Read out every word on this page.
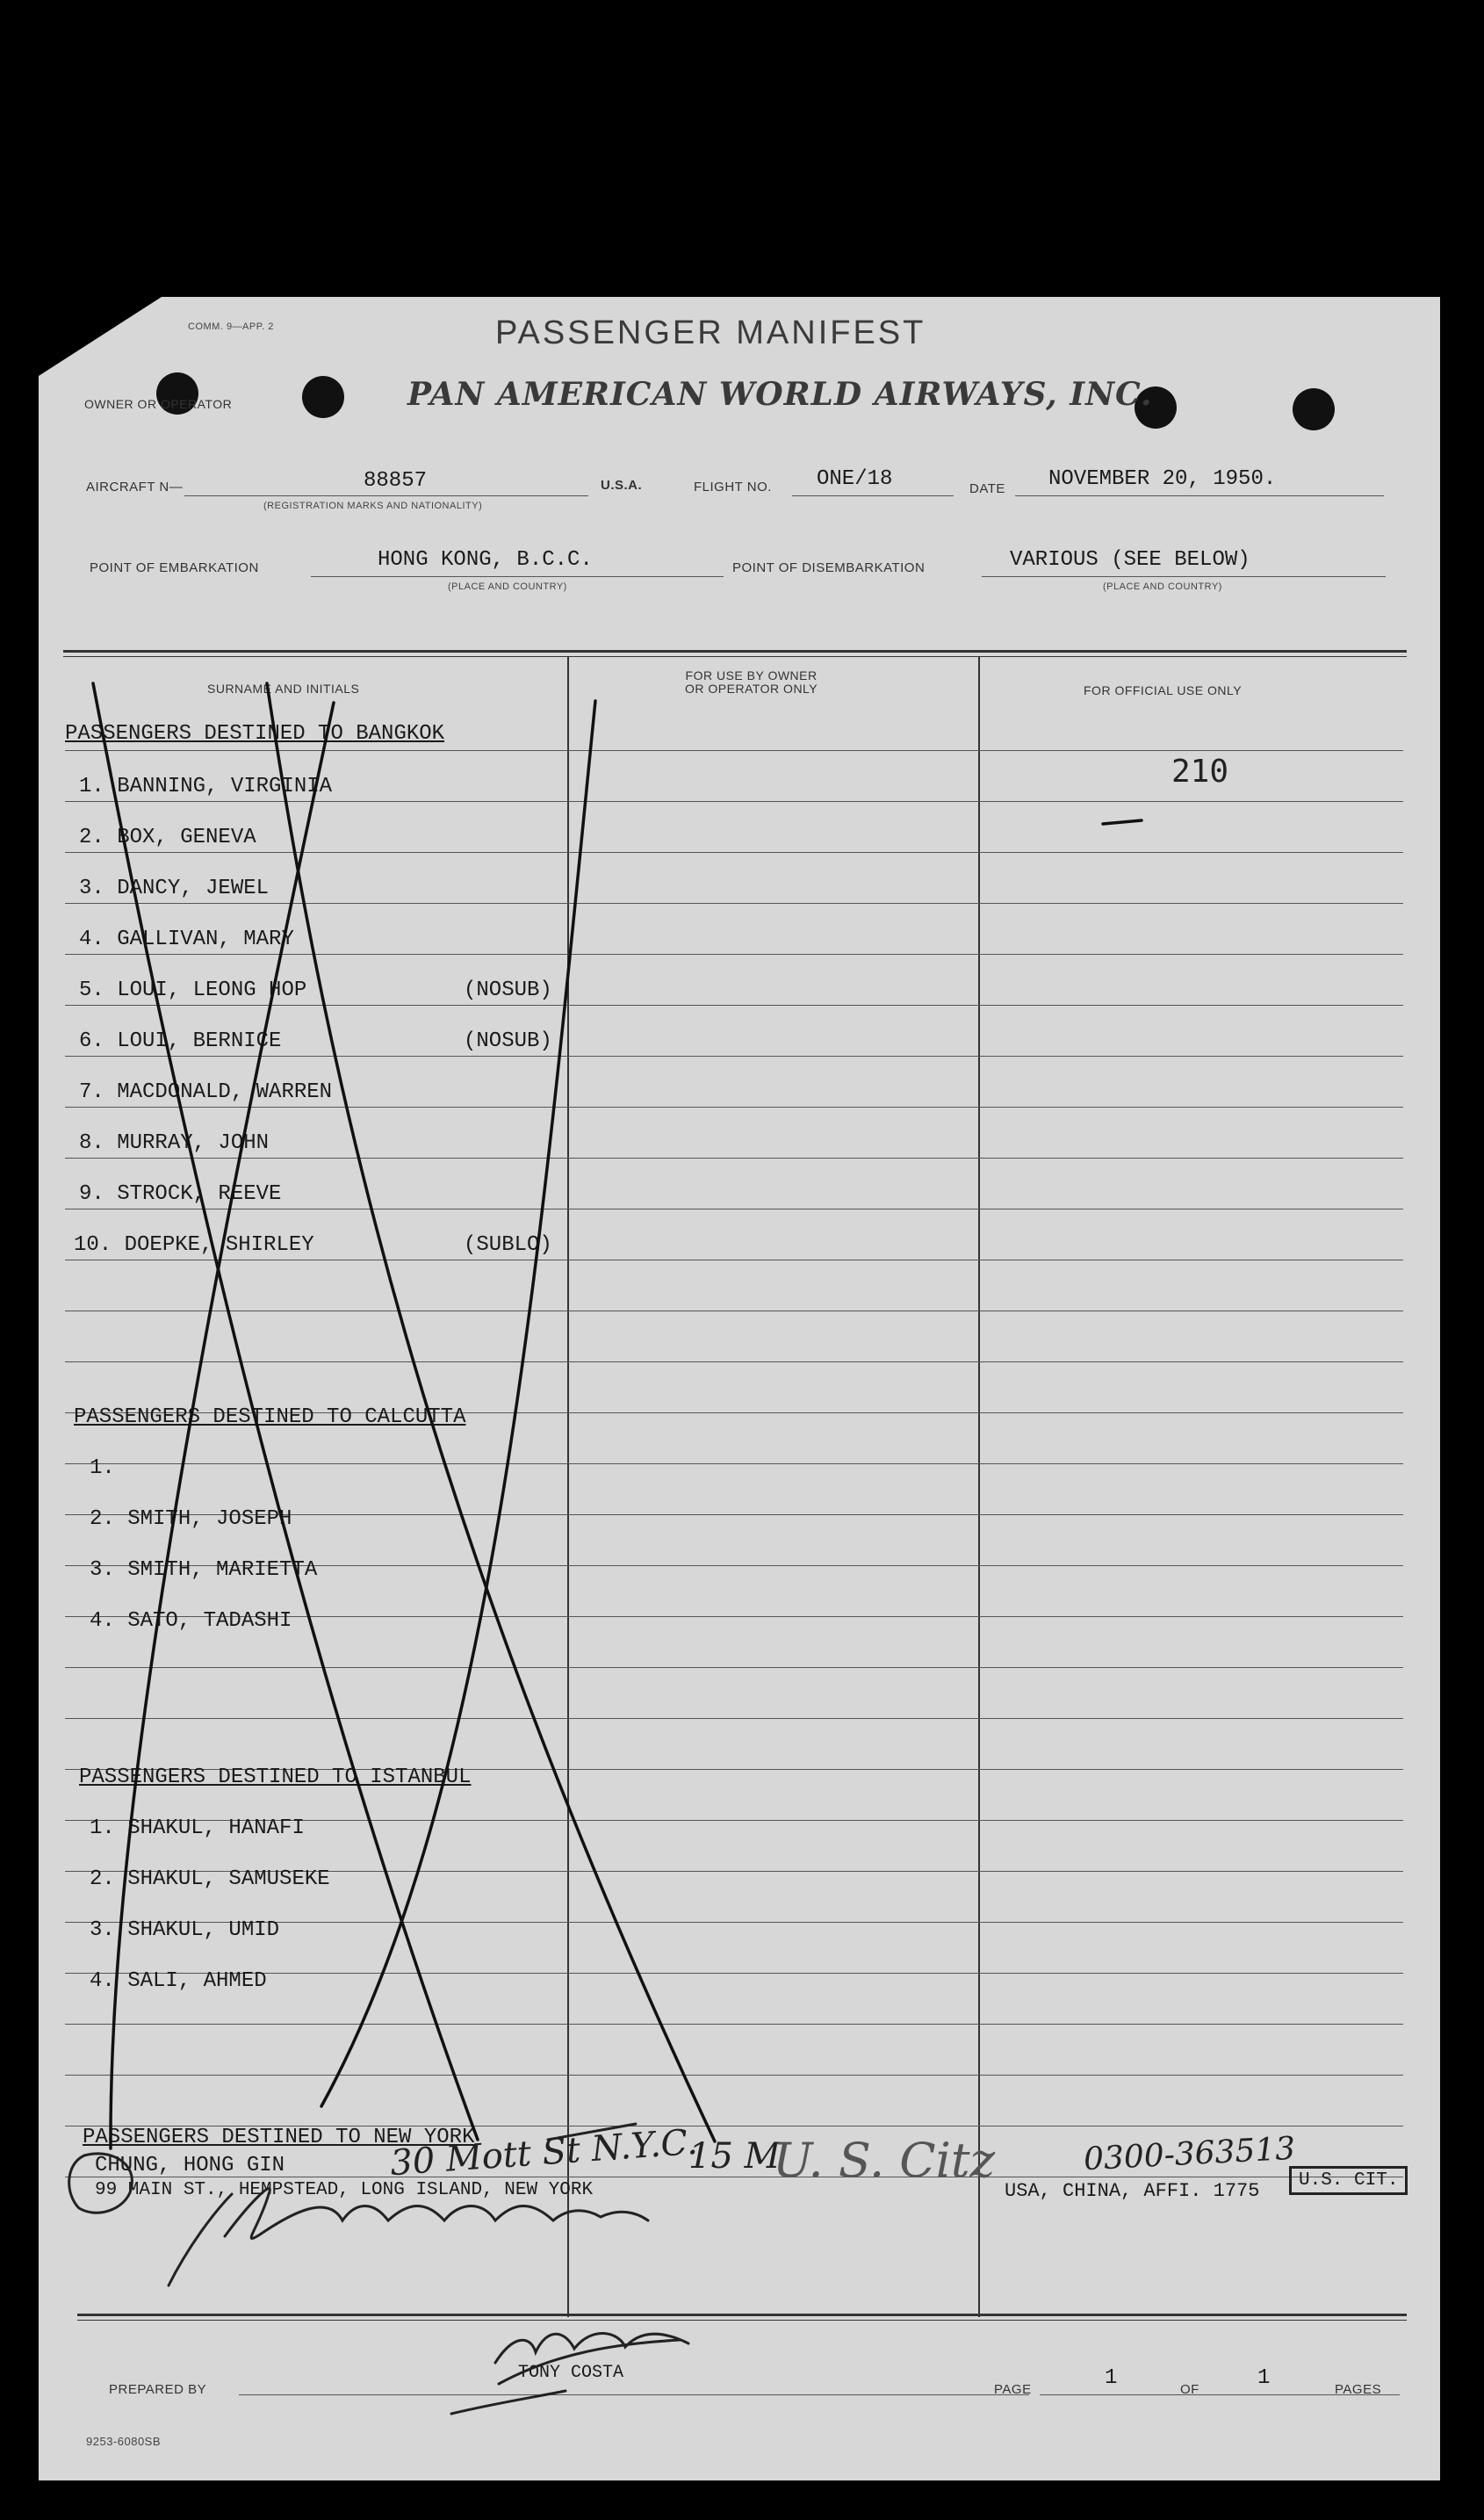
COMM. 9—APP. 2	PASSENGER MANIFEST
OWNER OR OPERATOR	PAN AMERICAN WORLD AIRWAYS, INC.
AIRCRAFT N—	88857
(REGISTRATION MARKS AND NATIONALITY)
U.S.A.	FLIGHT NO. ONE/18	DATE NOVEMBER 20, 1950.
POINT OF EMBARKATION	HONG KONG, B.C.C.
(PLACE AND COUNTRY)
POINT OF DISEMBARKATION	VARIOUS (SEE BELOW)
(PLACE AND COUNTRY)
SURNAME AND INITIALS
FOR USE BY OWNER
OR OPERATOR ONLY	FOR OFFICIAL USE ONLY
PASSENGERS DESTINED TO BANGKOK
1. BANNING, VIRGINIA
2. BOX, GENEVA
3. DANCY, JEWEL
4. GALLIVAN, MARY
5. LOUI, LEONG HOP	(NOSUB)
6. LOUI, BERNICE	(NOSUB)
7. MACDONALD, WARREN
8. MURRAY, JOHN
9. STROCK, REEVE
10. DOEPKE, SHIRLEY	(SUBLO)
PASSENGERS DESTINED TO CALCUTTA
1.
2. SMITH, JOSEPH
3. SMITH, MARIETTA
4. SATO, TADASHI
PASSENGERS DESTINED TO ISTANBUL
1. SHAKUL, HANAFI
2. SHAKUL, SAMUSEKE
3. SHAKUL, UMID
4. SALI, AHMED
PASSENGERS DESTINED TO NEW YORK
CHUNG, HONG GIN
99 MAIN ST., HEMPSTEAD, LONG ISLAND, NEW YORK	USA, CHINA, AFFI. 1775	U.S. CIT.
210
30 Mott St N.Y.C.
15 M
U. S. Citz	0300-363513
PREPARED BY
TONY COSTA
PAGE	1	OF	1	PAGES
9253-6080SB
